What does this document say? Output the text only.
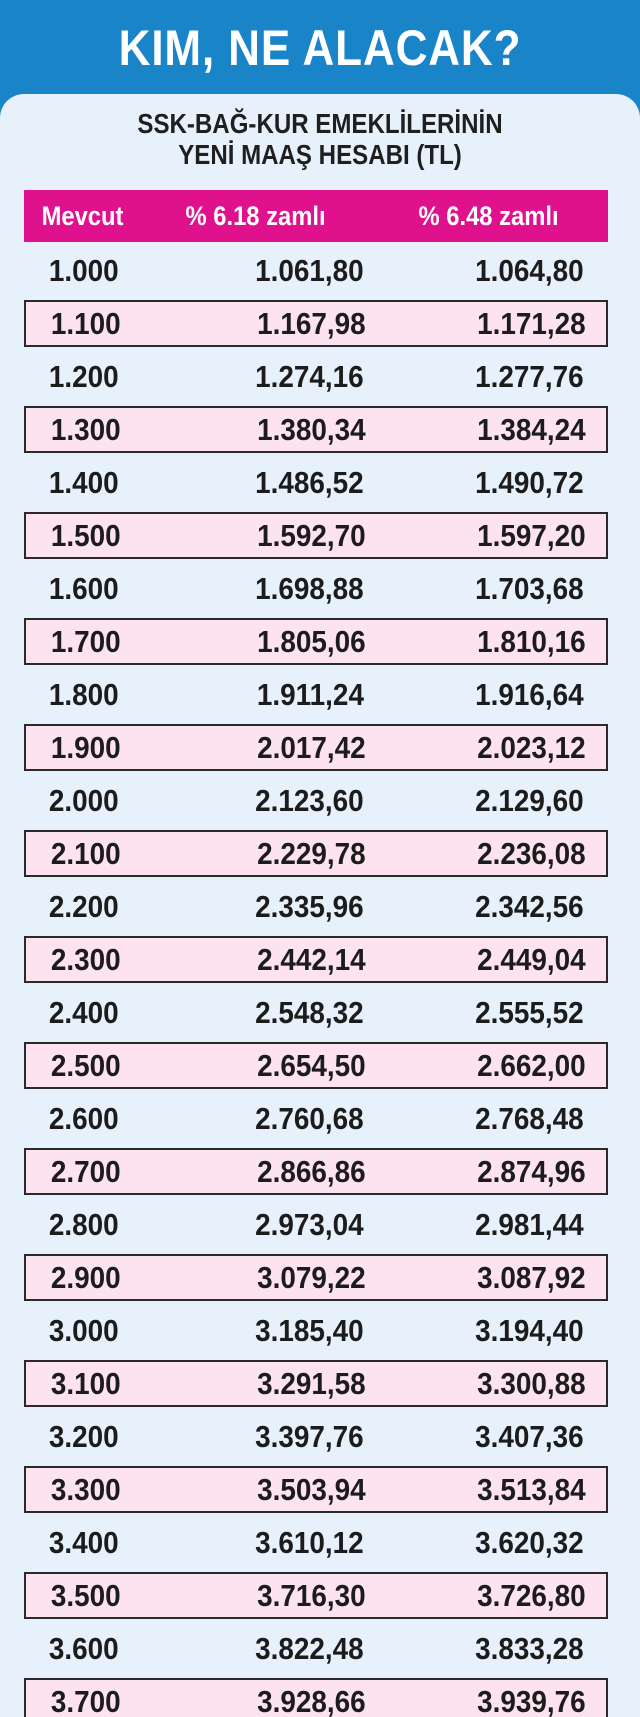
KIM, NE ALACAK?
SSK-BAĞ-KUR EMEKLİLERİNİN
YENİ MAAŞ HESABI (TL)
Mevcut	% 6.18 zamlı	% 6.48 zamlı
1.000	1.061,80	1.064,80
1.100	1.167,98	1.171,28
1.200	1.274,16	1.277,76
1.300	1.380,34	1.384,24
1.400	1.486,52	1.490,72
1.500	1.592,70	1.597,20
1.600	1.698,88	1.703,68
1.700	1.805,06	1.810,16
1.800	1.911,24	1.916,64
1.900	2.017,42	2.023,12
2.000	2.123,60	2.129,60
2.100	2.229,78	2.236,08
2.200	2.335,96	2.342,56
2.300	2.442,14	2.449,04
2.400	2.548,32	2.555,52
2.500	2.654,50	2.662,00
2.600	2.760,68	2.768,48
2.700	2.866,86	2.874,96
2.800	2.973,04	2.981,44
2.900	3.079,22	3.087,92
3.000	3.185,40	3.194,40
3.100	3.291,58	3.300,88
3.200	3.397,76	3.407,36
3.300	3.503,94	3.513,84
3.400	3.610,12	3.620,32
3.500	3.716,30	3.726,80
3.600	3.822,48	3.833,28
3.700	3.928,66	3.939,76
